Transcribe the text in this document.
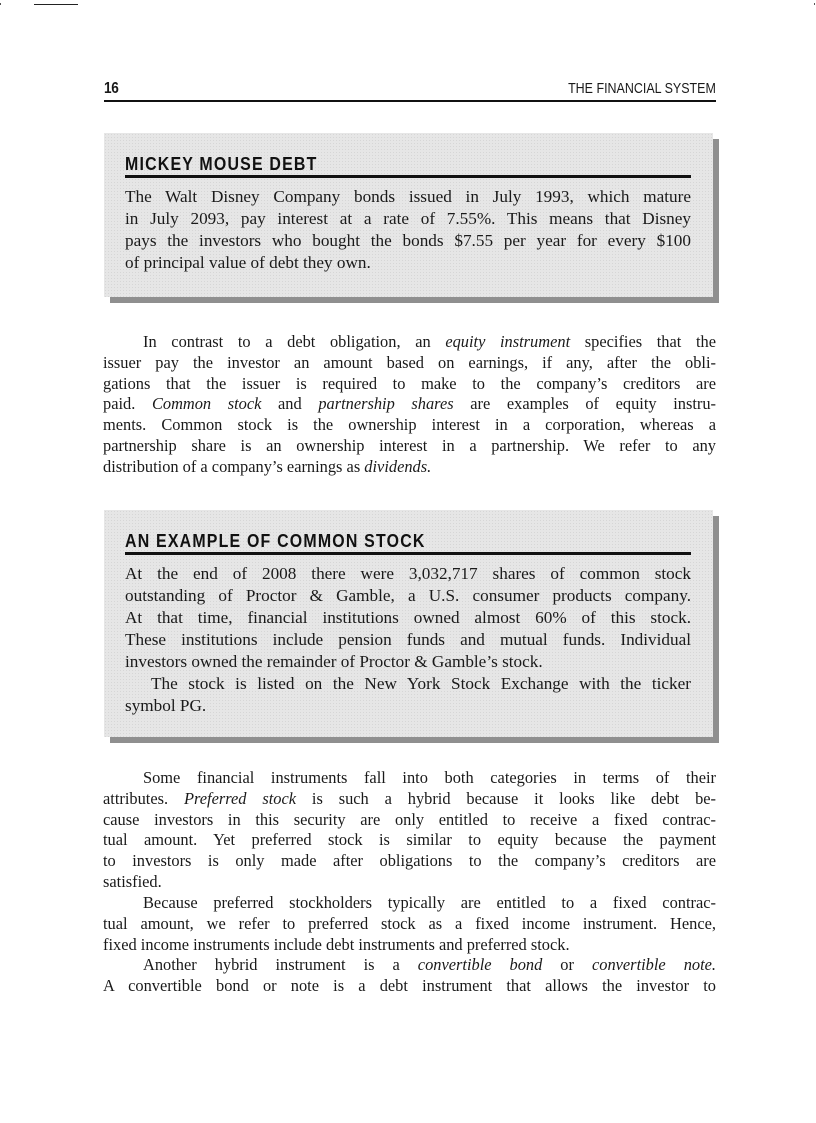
16	THE FINANCIAL SYSTEM
MICKEY MOUSE DEBT
The Walt Disney Company bonds issued in July 1993, which mature
in July 2093, pay interest at a rate of 7.55%. This means that Disney
pays the investors who bought the bonds $7.55 per year for every $100
of principal value of debt they own.
In contrast to a debt obligation, an equity instrument specifies that the
issuer pay the investor an amount based on earnings, if any, after the obli-
gations that the issuer is required to make to the company’s creditors are
paid. Common stock and partnership shares are examples of equity instru-
ments. Common stock is the ownership interest in a corporation, whereas a
partnership share is an ownership interest in a partnership. We refer to any
distribution of a company’s earnings as dividends.
AN EXAMPLE OF COMMON STOCK
At the end of 2008 there were 3,032,717 shares of common stock
outstanding of Proctor & Gamble, a U.S. consumer products company.
At that time, financial institutions owned almost 60% of this stock.
These institutions include pension funds and mutual funds. Individual
investors owned the remainder of Proctor & Gamble’s stock.
The stock is listed on the New York Stock Exchange with the ticker
symbol PG.
Some financial instruments fall into both categories in terms of their
attributes. Preferred stock is such a hybrid because it looks like debt be-
cause investors in this security are only entitled to receive a fixed contrac-
tual amount. Yet preferred stock is similar to equity because the payment
to investors is only made after obligations to the company’s creditors are
satisfied.
Because preferred stockholders typically are entitled to a fixed contrac-
tual amount, we refer to preferred stock as a fixed income instrument. Hence,
fixed income instruments include debt instruments and preferred stock.
Another hybrid instrument is a convertible bond or convertible note.
A convertible bond or note is a debt instrument that allows the investor to
